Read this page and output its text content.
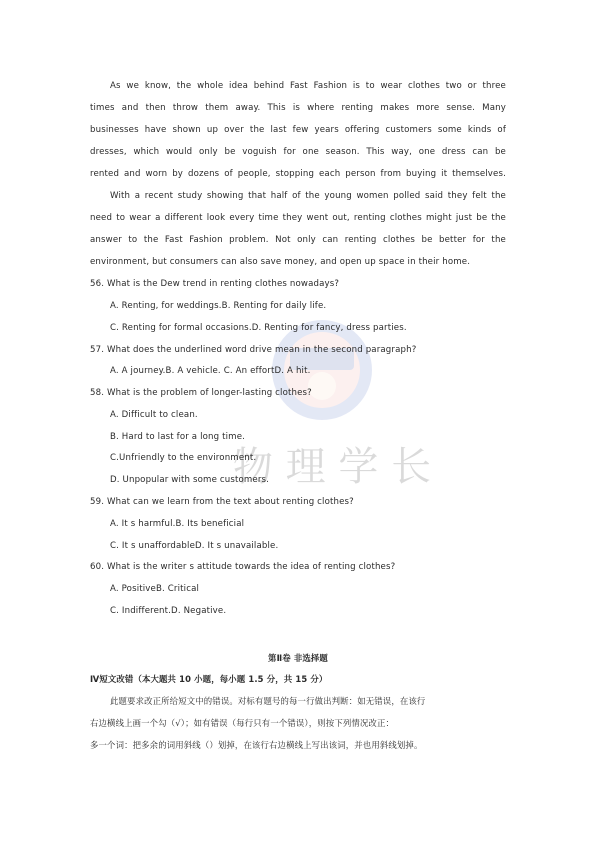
物 理 学 长
As we know, the whole idea behind Fast Fashion is to wear clothes two or three
times and then throw them away. This is where renting makes more sense. Many
businesses have shown up over the last few years offering customers some kinds of
dresses, which would only be voguish for one season. This way, one dress can be
rented and worn by dozens of people, stopping each person from buying it themselves.
With a recent study showing that half of the young women polled said they felt the
need to wear a different look every time they went out, renting clothes might just be the
answer to the Fast Fashion problem. Not only can renting clothes be better for the
environment, but consumers can also save money, and open up space in their home.
56. What is the Dew trend in renting clothes nowadays?
A. Renting, for weddings.B. Renting for daily life.
C. Renting for formal occasions.D. Renting for fancy, dress parties.
57. What does the underlined word drive mean in the second paragraph?
A. A journey.B. A vehicle. C. An effortD. A hit.
58. What is the problem of longer-lasting clothes?
A. Difficult to clean.
B. Hard to last for a long time.
C.Unfriendly to the environment.
D. Unpopular with some customers.
59. What can we learn from the text about renting clothes?
A. It s harmful.B. Its beneficial
C. It s unaffordableD. It s unavailable.
60. What is the writer s attitude towards the idea of renting clothes?
A. PositiveB. Critical
C. Indifferent.D. Negative.
第Ⅱ卷 非选择题
Ⅳ短文改错（本大题共 10 小题，每小题 1.5 分，共 15 分）
此题要求改正所给短文中的错误。对标有题号的每一行做出判断：如无错误，在该行
右边横线上画一个勾（√）；如有错误（每行只有一个错误），则按下列情况改正：
多一个词：把多余的词用斜线（）划掉，在该行右边横线上写出该词，并也用斜线划掉。
